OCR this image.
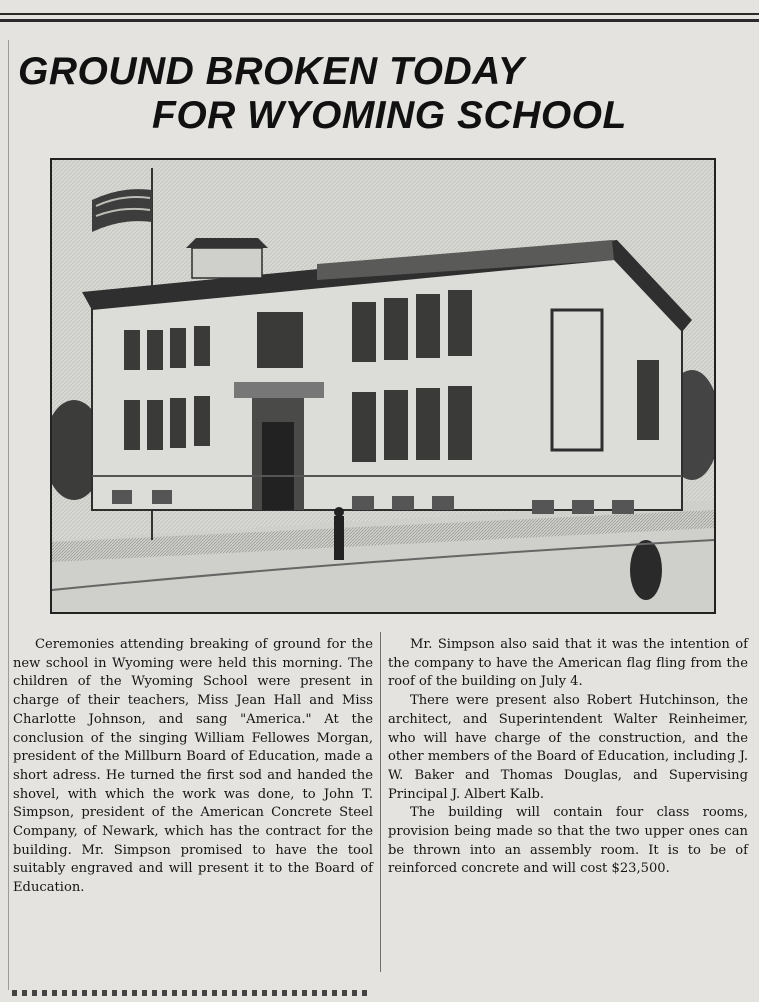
GROUND BROKEN TODAY
FOR WYOMING SCHOOL

Ceremonies attending breaking of ground for the new school in Wyoming were held this morning. The children of the Wyoming School were present in charge of their teachers, Miss Jean Hall and Miss Charlotte Johnson, and sang "America." At the conclusion of the singing William Fellowes Morgan, president of the Millburn Board of Education, made a short adress. He turned the first sod and handed the shovel, with which the work was done, to John T. Simpson, president of the American Concrete Steel Company, of Newark, which has the contract for the building. Mr. Simpson promised to have the tool suitably engraved and will present it to the Board of Education.

Mr. Simpson also said that it was the intention of the company to have the American flag fling from the roof of the building on July 4.

There were present also Robert Hutchinson, the architect, and Superintendent Walter Reinheimer, who will have charge of the construction, and the other members of the Board of Education, including J. W. Baker and Thomas Douglas, and Supervising Principal J. Albert Kalb.

The building will contain four class rooms, provision being made so that the two upper ones can be thrown into an assembly room. It is to be of reinforced concrete and will cost $23,500.
